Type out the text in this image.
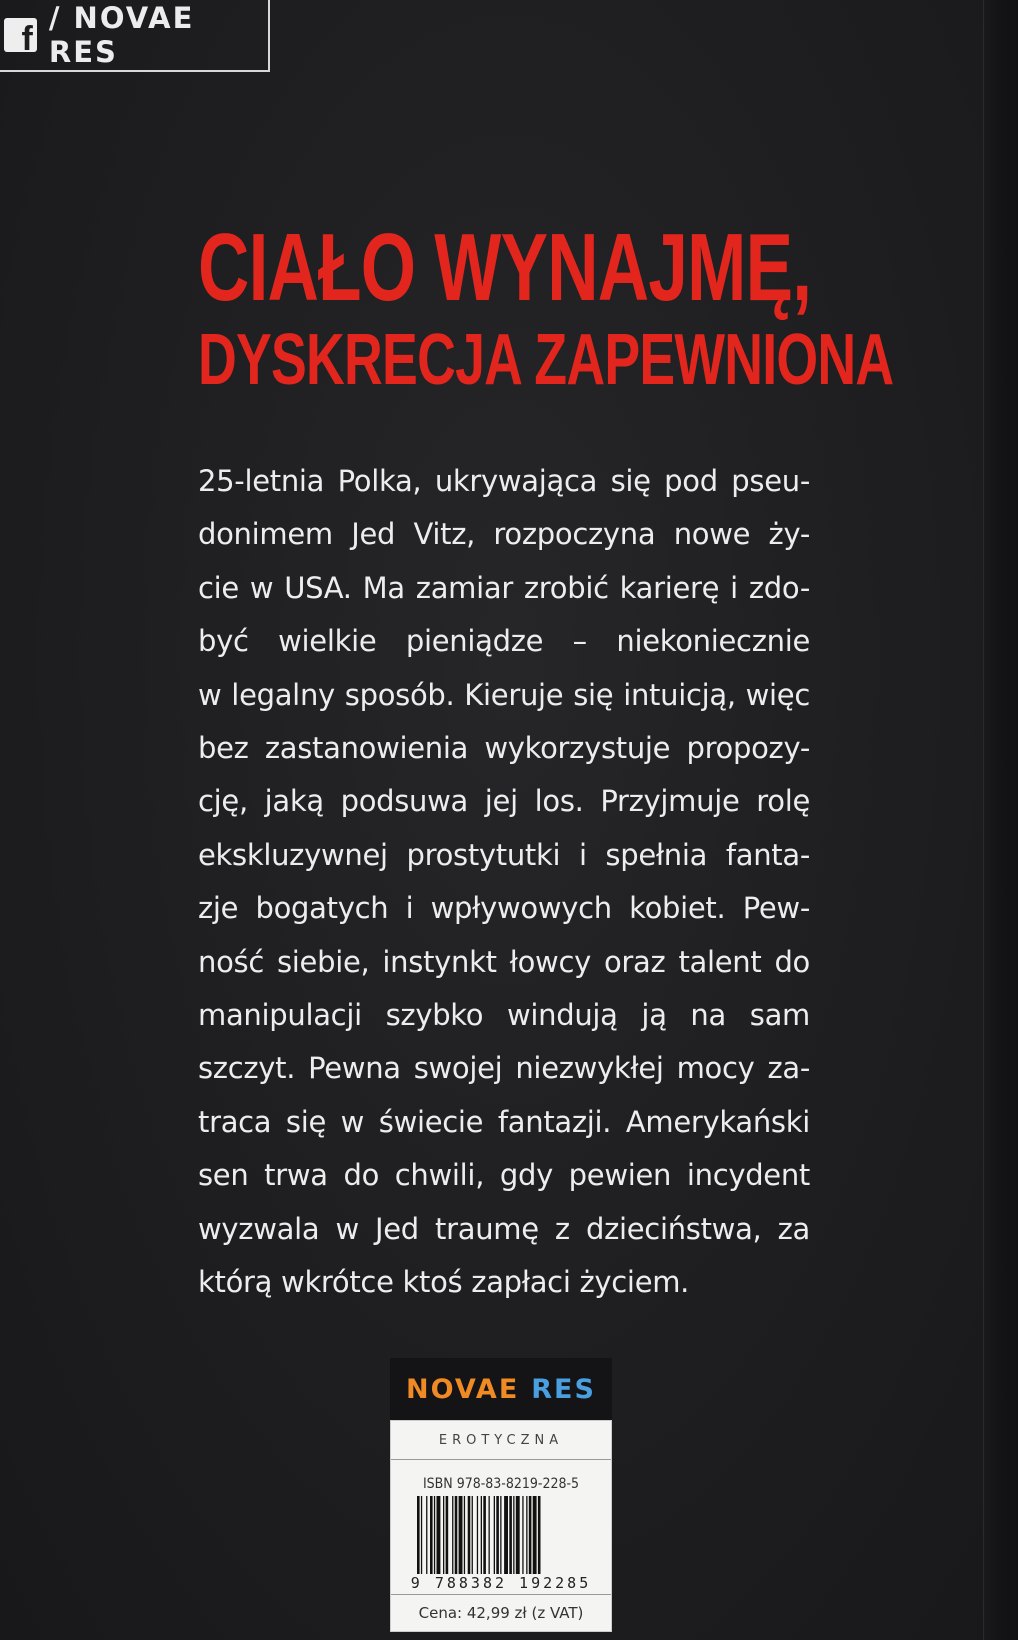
f
/ NOVAE RES
CIAŁO WYNAJMĘ,
DYSKRECJA ZAPEWNIONA
25-letnia Polka, ukrywająca się pod pseu-
donimem Jed Vitz, rozpoczyna nowe ży-
cie w USA. Ma zamiar zrobić karierę i zdo-
być wielkie pieniądze – niekoniecznie
w legalny sposób. Kieruje się intuicją, więc
bez zastanowienia wykorzystuje propozy-
cję, jaką podsuwa jej los. Przyjmuje rolę
ekskluzywnej prostytutki i spełnia fanta-
zje bogatych i wpływowych kobiet. Pew-
ność siebie, instynkt łowcy oraz talent do
manipulacji szybko windują ją na sam
szczyt. Pewna swojej niezwykłej mocy za-
traca się w świecie fantazji. Amerykański
sen trwa do chwili, gdy pewien incydent
wyzwala w Jed traumę z dzieciństwa, za
którą wkrótce ktoś zapłaci życiem.
NOVAE RES
EROTYCZNA
ISBN 978-83-8219-228-5
9 788382 192285
Cena: 42,99 zł (z VAT)
